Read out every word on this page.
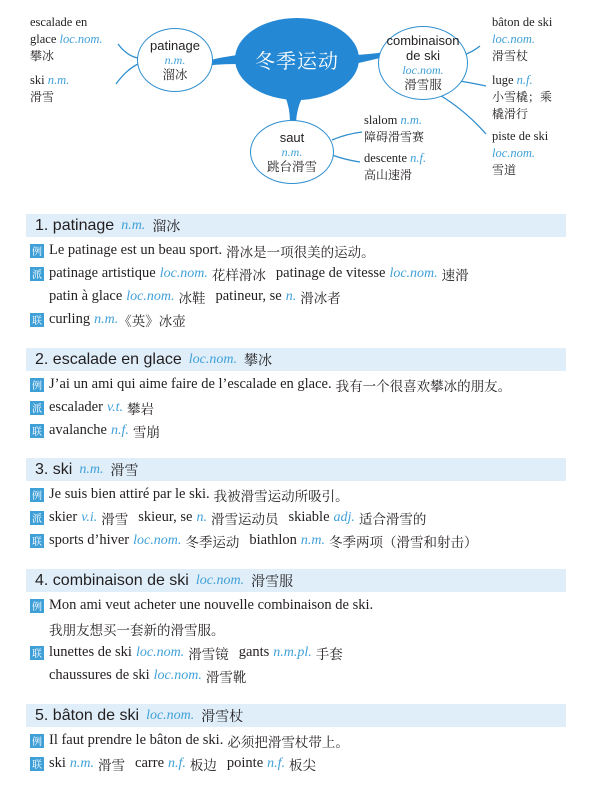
冬季运动
patinage
n.m.
溜冰
combinaison
de ski
loc.nom.
滑雪服
saut
n.m.
跳台滑雪
escalade en
glace loc.nom.
攀冰
ski n.m.
滑雪
slalom n.m.
障碍滑雪赛
descente n.f.
高山速滑
bâton de ski
loc.nom.
滑雪杖
luge n.f.
小雪橇；乘
橇滑行
piste de ski
loc.nom.
雪道
1. patinage n.m. 溜冰
例 Le patinage est un beau sport. 滑冰是一项很美的运动。
派 patinage artistique loc.nom. 花样滑冰 patinage de vitesse loc.nom. 速滑
patin à glace loc.nom. 冰鞋 patineur, se n. 滑冰者
联 curling n.m. 《英》冰壶
2. escalade en glace loc.nom. 攀冰
例 J’ai un ami qui aime faire de l’escalade en glace. 我有一个很喜欢攀冰的朋友。
派 escalader v.t. 攀岩
联 avalanche n.f. 雪崩
3. ski n.m. 滑雪
例 Je suis bien attiré par le ski. 我被滑雪运动所吸引。
派 skier v.i. 滑雪 skieur, se n. 滑雪运动员 skiable adj. 适合滑雪的
联 sports d’hiver loc.nom. 冬季运动 biathlon n.m. 冬季两项（滑雪和射击）
4. combinaison de ski loc.nom. 滑雪服
例 Mon ami veut acheter une nouvelle combinaison de ski.
我朋友想买一套新的滑雪服。
联 lunettes de ski loc.nom. 滑雪镜 gants n.m.pl. 手套
chaussures de ski loc.nom. 滑雪靴
5. bâton de ski loc.nom. 滑雪杖
例 Il faut prendre le bâton de ski. 必须把滑雪杖带上。
联 ski n.m. 滑雪 carre n.f. 板边 pointe n.f. 板尖
